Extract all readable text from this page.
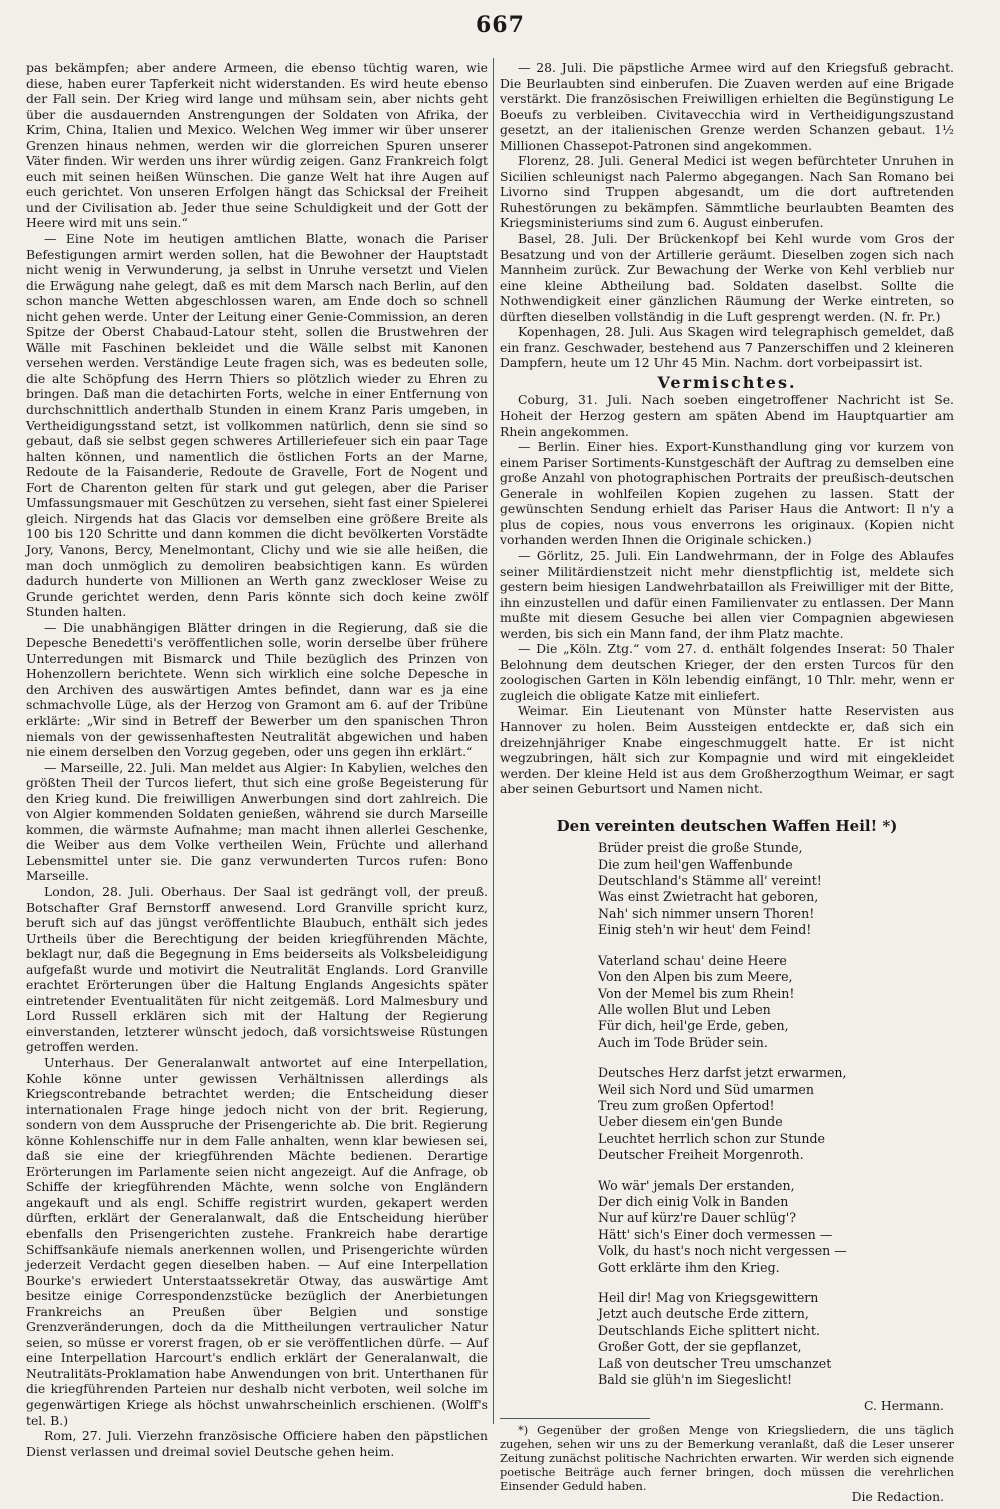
667

pas bekämpfen; aber andere Armeen, die ebenso tüchtig waren, wie diese, haben eurer Tapferkeit nicht widerstanden. Es wird heute ebenso der Fall sein. Der Krieg wird lange und mühsam sein, aber nichts geht über die ausdauernden Anstrengungen der Soldaten von Afrika, der Krim, China, Italien und Mexico. Welchen Weg immer wir über unserer Grenzen hinaus nehmen, werden wir die glorreichen Spuren unserer Väter finden. Wir werden uns ihrer würdig zeigen. Ganz Frankreich folgt euch mit seinen heißen Wünschen. Die ganze Welt hat ihre Augen auf euch gerichtet. Von unseren Erfolgen hängt das Schicksal der Freiheit und der Civilisation ab. Jeder thue seine Schuldigkeit und der Gott der Heere wird mit uns sein.“

— Eine Note im heutigen amtlichen Blatte, wonach die Pariser Befestigungen armirt werden sollen, hat die Bewohner der Hauptstadt nicht wenig in Verwunderung, ja selbst in Unruhe versetzt und Vielen die Erwägung nahe gelegt, daß es mit dem Marsch nach Berlin, auf den schon manche Wetten abgeschlossen waren, am Ende doch so schnell nicht gehen werde. Unter der Leitung einer Genie-Commission, an deren Spitze der Oberst Chabaud-Latour steht, sollen die Brustwehren der Wälle mit Faschinen bekleidet und die Wälle selbst mit Kanonen versehen werden. Verständige Leute fragen sich, was es bedeuten solle, die alte Schöpfung des Herrn Thiers so plötzlich wieder zu Ehren zu bringen. Daß man die detachirten Forts, welche in einer Entfernung von durchschnittlich anderthalb Stunden in einem Kranz Paris umgeben, in Vertheidigungsstand setzt, ist vollkommen natürlich, denn sie sind so gebaut, daß sie selbst gegen schweres Artilleriefeuer sich ein paar Tage halten können, und namentlich die östlichen Forts an der Marne, Redoute de la Faisanderie, Redoute de Gravelle, Fort de Nogent und Fort de Charenton gelten für stark und gut gelegen, aber die Pariser Umfassungsmauer mit Geschützen zu versehen, sieht fast einer Spielerei gleich. Nirgends hat das Glacis vor demselben eine größere Breite als 100 bis 120 Schritte und dann kommen die dicht bevölkerten Vorstädte Jory, Vanons, Bercy, Menelmontant, Clichy und wie sie alle heißen, die man doch unmöglich zu demoliren beabsichtigen kann. Es würden dadurch hunderte von Millionen an Werth ganz zweckloser Weise zu Grunde gerichtet werden, denn Paris könnte sich doch keine zwölf Stunden halten.

— Die unabhängigen Blätter dringen in die Regierung, daß sie die Depesche Benedetti's veröffentlichen solle, worin derselbe über frühere Unterredungen mit Bismarck und Thile bezüglich des Prinzen von Hohenzollern berichtete. Wenn sich wirklich eine solche Depesche in den Archiven des auswärtigen Amtes befindet, dann war es ja eine schmachvolle Lüge, als der Herzog von Gramont am 6. auf der Tribüne erklärte: „Wir sind in Betreff der Bewerber um den spanischen Thron niemals von der gewissenhaftesten Neutralität abgewichen und haben nie einem derselben den Vorzug gegeben, oder uns gegen ihn erklärt.“

— Marseille, 22. Juli. Man meldet aus Algier: In Kabylien, welches den größten Theil der Turcos liefert, thut sich eine große Begeisterung für den Krieg kund. Die freiwilligen Anwerbungen sind dort zahlreich. Die von Algier kommenden Soldaten genießen, während sie durch Marseille kommen, die wärmste Aufnahme; man macht ihnen allerlei Geschenke, die Weiber aus dem Volke vertheilen Wein, Früchte und allerhand Lebensmittel unter sie. Die ganz verwunderten Turcos rufen: Bono Marseille.

London, 28. Juli. Oberhaus. Der Saal ist gedrängt voll, der preuß. Botschafter Graf Bernstorff anwesend. Lord Granville spricht kurz, beruft sich auf das jüngst veröffentlichte Blaubuch, enthält sich jedes Urtheils über die Berechtigung der beiden kriegführenden Mächte, beklagt nur, daß die Begegnung in Ems beiderseits als Volksbeleidigung aufgefaßt wurde und motivirt die Neutralität Englands. Lord Granville erachtet Erörterungen über die Haltung Englands Angesichts später eintretender Eventualitäten für nicht zeitgemäß. Lord Malmesbury und Lord Russell erklären sich mit der Haltung der Regierung einverstanden, letzterer wünscht jedoch, daß vorsichtsweise Rüstungen getroffen werden.

Unterhaus. Der Generalanwalt antwortet auf eine Interpellation, Kohle könne unter gewissen Verhältnissen allerdings als Kriegscontrebande betrachtet werden; die Entscheidung dieser internationalen Frage hinge jedoch nicht von der brit. Regierung, sondern von dem Ausspruche der Prisengerichte ab. Die brit. Regierung könne Kohlenschiffe nur in dem Falle anhalten, wenn klar bewiesen sei, daß sie eine der kriegführenden Mächte bedienen. Derartige Erörterungen im Parlamente seien nicht angezeigt. Auf die Anfrage, ob Schiffe der kriegführenden Mächte, wenn solche von Engländern angekauft und als engl. Schiffe registrirt wurden, gekapert werden dürften, erklärt der Generalanwalt, daß die Entscheidung hierüber ebenfalls den Prisengerichten zustehe. Frankreich habe derartige Schiffsankäufe niemals anerkennen wollen, und Prisengerichte würden jederzeit Verdacht gegen dieselben haben. — Auf eine Interpellation Bourke's erwiedert Unterstaatssekretär Otway, das auswärtige Amt besitze einige Correspondenzstücke bezüglich der Anerbietungen Frankreichs an Preußen über Belgien und sonstige Grenzveränderungen, doch da die Mittheilungen vertraulicher Natur seien, so müsse er vorerst fragen, ob er sie veröffentlichen dürfe. — Auf eine Interpellation Harcourt's endlich erklärt der Generalanwalt, die Neutralitäts-Proklamation habe Anwendungen von brit. Unterthanen für die kriegführenden Parteien nur deshalb nicht verboten, weil solche im gegenwärtigen Kriege als höchst unwahrscheinlich erschienen. (Wolff's tel. B.)

Rom, 27. Juli. Vierzehn französische Officiere haben den päpstlichen Dienst verlassen und dreimal soviel Deutsche gehen heim.

— 28. Juli. Die päpstliche Armee wird auf den Kriegsfuß gebracht. Die Beurlaubten sind einberufen. Die Zuaven werden auf eine Brigade verstärkt. Die französischen Freiwilligen erhielten die Begünstigung Le Boeufs zu verbleiben. Civitavecchia wird in Vertheidigungszustand gesetzt, an der italienischen Grenze werden Schanzen gebaut. 1½ Millionen Chassepot-Patronen sind angekommen.

Florenz, 28. Juli. General Medici ist wegen befürchteter Unruhen in Sicilien schleunigst nach Palermo abgegangen. Nach San Romano bei Livorno sind Truppen abgesandt, um die dort auftretenden Ruhestörungen zu bekämpfen. Sämmtliche beurlaubten Beamten des Kriegsministeriums sind zum 6. August einberufen.

Basel, 28. Juli. Der Brückenkopf bei Kehl wurde vom Gros der Besatzung und von der Artillerie geräumt. Dieselben zogen sich nach Mannheim zurück. Zur Bewachung der Werke von Kehl verblieb nur eine kleine Abtheilung bad. Soldaten daselbst. Sollte die Nothwendigkeit einer gänzlichen Räumung der Werke eintreten, so dürften dieselben vollständig in die Luft gesprengt werden. (N. fr. Pr.)

Kopenhagen, 28. Juli. Aus Skagen wird telegraphisch gemeldet, daß ein franz. Geschwader, bestehend aus 7 Panzerschiffen und 2 kleineren Dampfern, heute um 12 Uhr 45 Min. Nachm. dort vorbeipassirt ist.

Vermischtes.

Coburg, 31. Juli. Nach soeben eingetroffener Nachricht ist Se. Hoheit der Herzog gestern am späten Abend im Hauptquartier am Rhein angekommen.

— Berlin. Einer hies. Export-Kunsthandlung ging vor kurzem von einem Pariser Sortiments-Kunstgeschäft der Auftrag zu demselben eine große Anzahl von photographischen Portraits der preußisch-deutschen Generale in wohlfeilen Kopien zugehen zu lassen. Statt der gewünschten Sendung erhielt das Pariser Haus die Antwort: Il n'y a plus de copies, nous vous enverrons les originaux. (Kopien nicht vorhanden werden Ihnen die Originale schicken.)

— Görlitz, 25. Juli. Ein Landwehrmann, der in Folge des Ablaufes seiner Militärdienstzeit nicht mehr dienstpflichtig ist, meldete sich gestern beim hiesigen Landwehrbataillon als Freiwilliger mit der Bitte, ihn einzustellen und dafür einen Familienvater zu entlassen. Der Mann mußte mit diesem Gesuche bei allen vier Compagnien abgewiesen werden, bis sich ein Mann fand, der ihm Platz machte.

— Die „Köln. Ztg.“ vom 27. d. enthält folgendes Inserat: 50 Thaler Belohnung dem deutschen Krieger, der den ersten Turcos für den zoologischen Garten in Köln lebendig einfängt, 10 Thlr. mehr, wenn er zugleich die obligate Katze mit einliefert.

Weimar. Ein Lieutenant von Münster hatte Reservisten aus Hannover zu holen. Beim Aussteigen entdeckte er, daß sich ein dreizehnjähriger Knabe eingeschmuggelt hatte. Er ist nicht wegzubringen, hält sich zur Kompagnie und wird mit eingekleidet werden. Der kleine Held ist aus dem Großherzogthum Weimar, er sagt aber seinen Geburtsort und Namen nicht.

Den vereinten deutschen Waffen Heil! *)
Brüder preist die große Stunde,
Die zum heil'gen Waffenbunde
Deutschland's Stämme all' vereint!
Was einst Zwietracht hat geboren,
Nah' sich nimmer unsern Thoren!
Einig steh'n wir heut' dem Feind!
Vaterland schau' deine Heere
Von den Alpen bis zum Meere,
Von der Memel bis zum Rhein!
Alle wollen Blut und Leben
Für dich, heil'ge Erde, geben,
Auch im Tode Brüder sein.
Deutsches Herz darfst jetzt erwarmen,
Weil sich Nord und Süd umarmen
Treu zum großen Opfertod!
Ueber diesem ein'gen Bunde
Leuchtet herrlich schon zur Stunde
Deutscher Freiheit Morgenroth.
Wo wär' jemals Der erstanden,
Der dich einig Volk in Banden
Nur auf kürz're Dauer schlüg'?
Hätt' sich's Einer doch vermessen —
Volk, du hast's noch nicht vergessen —
Gott erklärte ihm den Krieg.
Heil dir! Mag von Kriegsgewittern
Jetzt auch deutsche Erde zittern,
Deutschlands Eiche splittert nicht.
Großer Gott, der sie gepflanzet,
Laß von deutscher Treu umschanzet
Bald sie glüh'n im Siegeslicht!
C. Hermann.

*) Gegenüber der großen Menge von Kriegsliedern, die uns täglich zugehen, sehen wir uns zu der Bemerkung veranlaßt, daß die Leser unserer Zeitung zunächst politische Nachrichten erwarten. Wir werden sich eignende poetische Beiträge auch ferner bringen, doch müssen die verehrlichen Einsender Geduld haben.

Die Redaction.
